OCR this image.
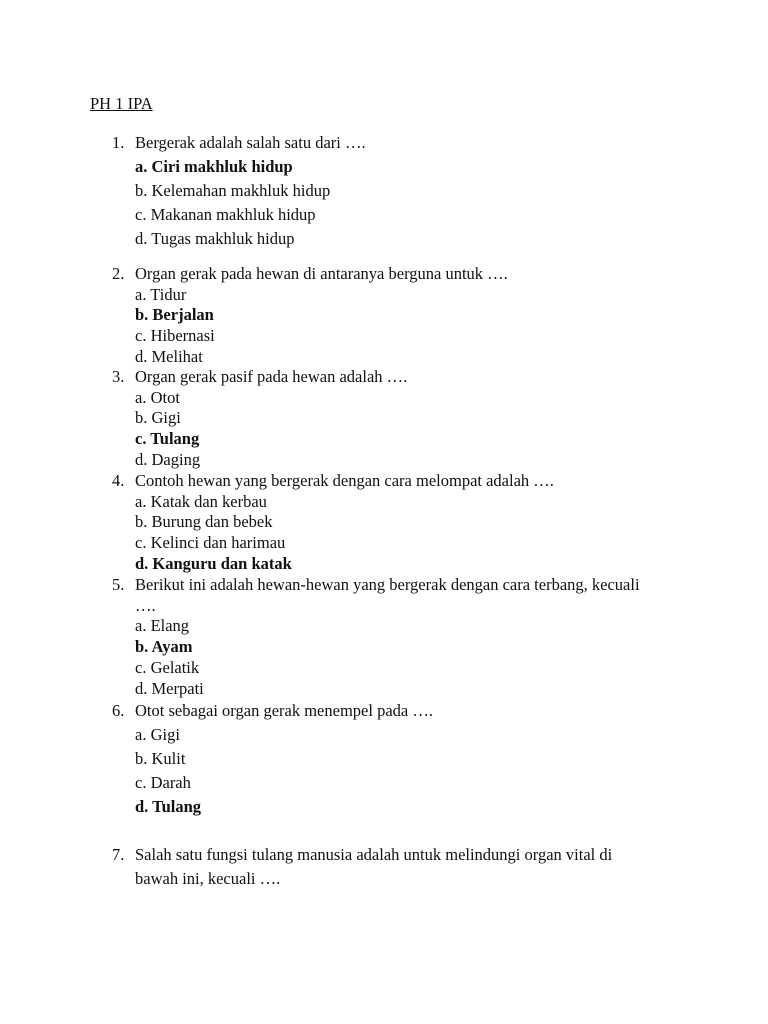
PH 1 IPA
1. Bergerak adalah salah satu dari ….
a. Ciri makhluk hidup
b. Kelemahan makhluk hidup
c. Makanan makhluk hidup
d. Tugas makhluk hidup
2. Organ gerak pada hewan di antaranya berguna untuk ….
a. Tidur
b. Berjalan
c. Hibernasi
d. Melihat
3. Organ gerak pasif pada hewan adalah ….
a. Otot
b. Gigi
c. Tulang
d. Daging
4. Contoh hewan yang bergerak dengan cara melompat adalah ….
a. Katak dan kerbau
b. Burung dan bebek
c. Kelinci dan harimau
d. Kanguru dan katak
5. Berikut ini adalah hewan-hewan yang bergerak dengan cara terbang, kecuali
….
a. Elang
b. Ayam
c. Gelatik
d. Merpati
6. Otot sebagai organ gerak menempel pada ….
a. Gigi
b. Kulit
c. Darah
d. Tulang
7. Salah satu fungsi tulang manusia adalah untuk melindungi organ vital di
bawah ini, kecuali ….
